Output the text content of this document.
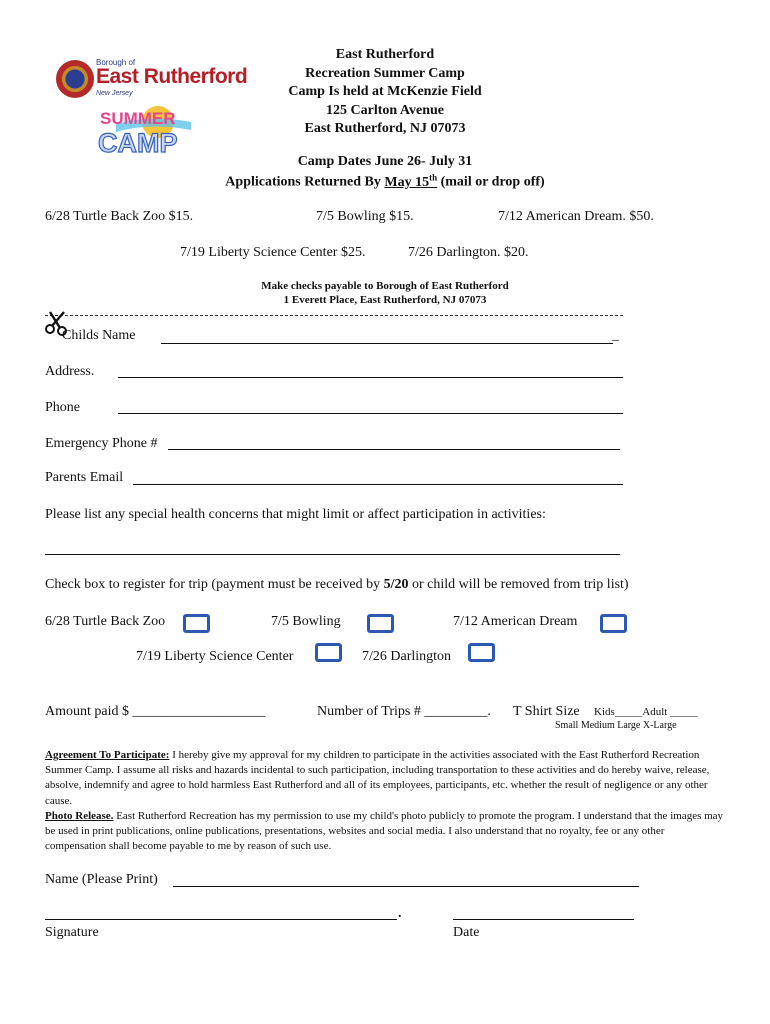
Borough of
East Rutherford
New Jersey
SUMMER
CAMP
East Rutherford
Recreation Summer Camp
Camp Is held at McKenzie Field
125 Carlton Avenue
East Rutherford, NJ 07073
Camp Dates June 26- July 31
Applications Returned By May 15th (mail or drop off)
6/28 Turtle Back Zoo $15.	7/5 Bowling $15.	7/12 American Dream. $50.
7/19 Liberty Science Center $25.	7/26 Darlington. $20.
Make checks payable to Borough of East Rutherford
1 Everett Place, East Rutherford, NJ 07073
Childs Name	_
Address.
Phone
Emergency Phone #
Parents Email
Please list any special health concerns that might limit or affect participation in activities:
Check box to register for trip (payment must be received by 5/20 or child will be removed from trip list)
6/28 Turtle Back Zoo	7/5 Bowling	7/12 American Dream
7/19 Liberty Science Center	7/26 Darlington
Amount paid $ ___________________	Number of Trips # _________. T Shirt Size Kids_____Adult _____
Small Medium Large X-Large
Agreement To Participate: I hereby give my approval for my children to participate in the activities associated with the East Rutherford Recreation Summer Camp. I assume all risks and hazards incidental to such participation, including transportation to these activities and do hereby waive, release, absolve, indemnify and agree to hold harmless East Rutherford and all of its employees, participants, etc. whether the result of negligence or any other cause.
Photo Release. East Rutherford Recreation has my permission to use my child's photo publicly to promote the program. I understand that the images may be used in print publications, online publications, presentations, websites and social media. I also understand that no royalty, fee or any other compensation shall become payable to me by reason of such use.
Name (Please Print)
.
Signature	Date
